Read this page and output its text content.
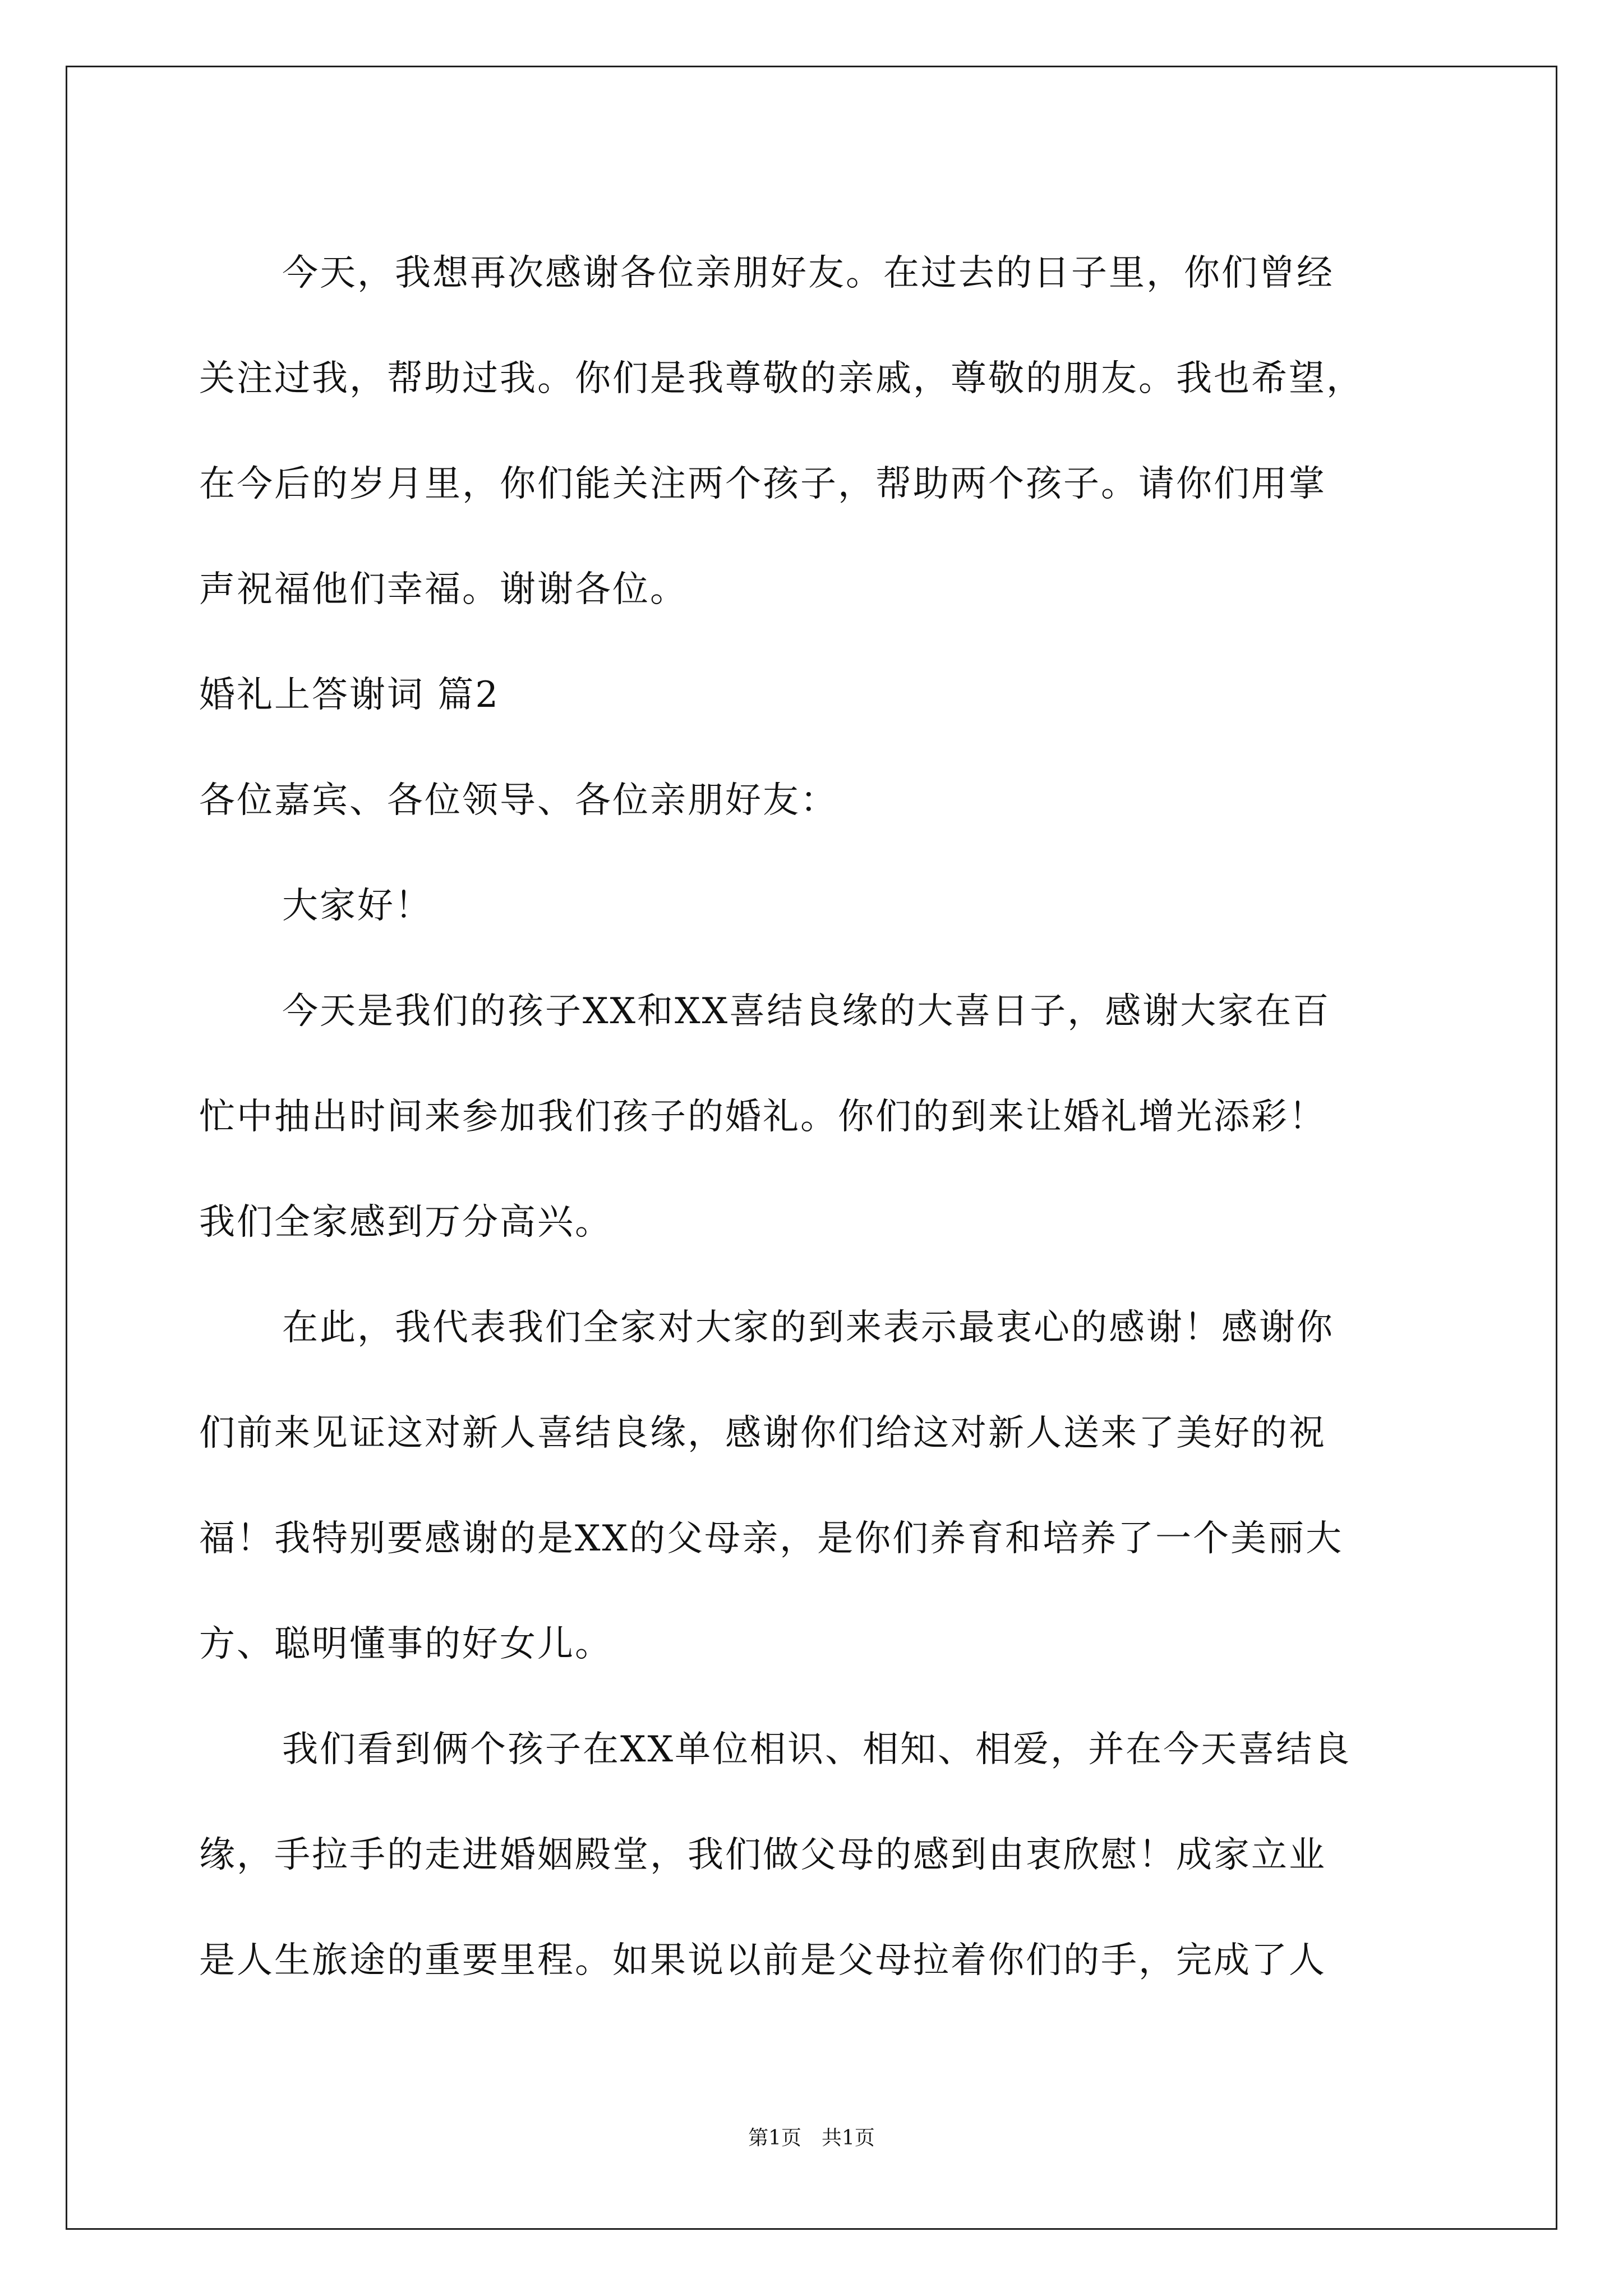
今天，我想再次感谢各位亲朋好友。在过去的日子里，你们曾经
关注过我，帮助过我。你们是我尊敬的亲戚，尊敬的朋友。我也希望，
在今后的岁月里，你们能关注两个孩子，帮助两个孩子。请你们用掌
声祝福他们幸福。谢谢各位。
婚礼上答谢词 篇2
各位嘉宾、各位领导、各位亲朋好友：
大家好！
今天是我们的孩子XX和XX喜结良缘的大喜日子，感谢大家在百
忙中抽出时间来参加我们孩子的婚礼。你们的到来让婚礼增光添彩！
我们全家感到万分高兴。
在此，我代表我们全家对大家的到来表示最衷心的感谢！感谢你
们前来见证这对新人喜结良缘，感谢你们给这对新人送来了美好的祝
福！我特别要感谢的是XX的父母亲，是你们养育和培养了一个美丽大
方、聪明懂事的好女儿。
我们看到俩个孩子在XX单位相识、相知、相爱，并在今天喜结良
缘，手拉手的走进婚姻殿堂，我们做父母的感到由衷欣慰！成家立业
是人生旅途的重要里程。如果说以前是父母拉着你们的手，完成了人
第1页　共1页
